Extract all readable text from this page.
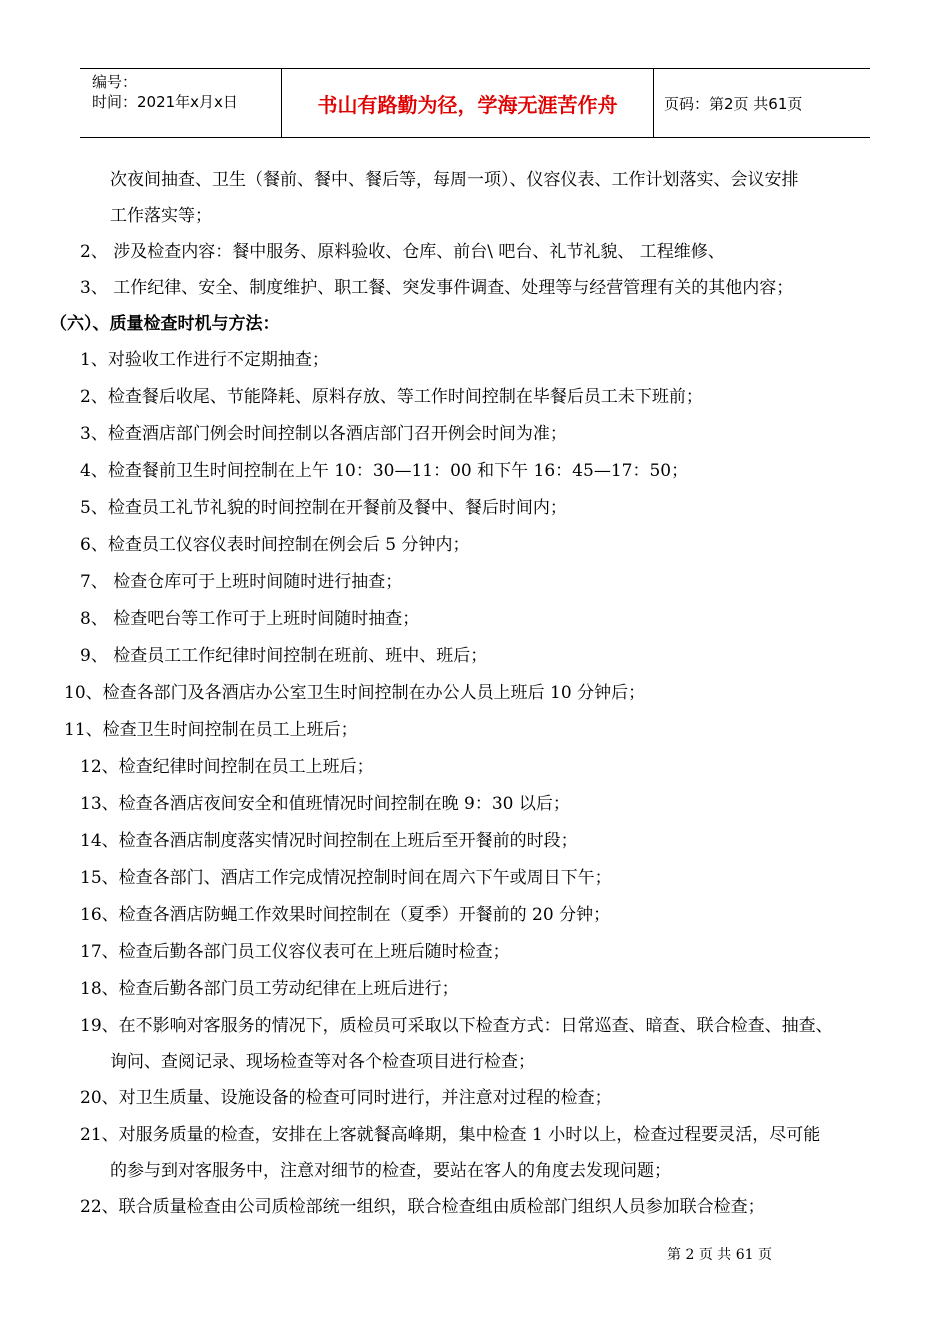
编号：
时间：2021年x月x日	书山有路勤为径，学海无涯苦作舟	页码：第2页 共61页
次夜间抽查、卫生（餐前、餐中、餐后等，每周一项）、仪容仪表、工作计划落实、会议安排
工作落实等；
2、 涉及检查内容：餐中服务、原料验收、仓库、前台\ 吧台、礼节礼貌、 工程维修、
3、 工作纪律、安全、制度维护、职工餐、突发事件调查、处理等与经营管理有关的其他内容；
（六）、质量检查时机与方法：
1、对验收工作进行不定期抽查；
2、检查餐后收尾、节能降耗、原料存放、等工作时间控制在毕餐后员工未下班前；
3、检查酒店部门例会时间控制以各酒店部门召开例会时间为准；
4、检查餐前卫生时间控制在上午 10：30—11：00 和下午 16：45—17：50；
5、检查员工礼节礼貌的时间控制在开餐前及餐中、餐后时间内；
6、检查员工仪容仪表时间控制在例会后 5 分钟内；
7、 检查仓库可于上班时间随时进行抽查；
8、 检查吧台等工作可于上班时间随时抽查；
9、 检查员工工作纪律时间控制在班前、班中、班后；
10、检查各部门及各酒店办公室卫生时间控制在办公人员上班后 10 分钟后；
11、检查卫生时间控制在员工上班后；
12、检查纪律时间控制在员工上班后；
13、检查各酒店夜间安全和值班情况时间控制在晚 9：30 以后；
14、检查各酒店制度落实情况时间控制在上班后至开餐前的时段；
15、检查各部门、酒店工作完成情况控制时间在周六下午或周日下午；
16、检查各酒店防蝇工作效果时间控制在（夏季）开餐前的 20 分钟；
17、检查后勤各部门员工仪容仪表可在上班后随时检查；
18、检查后勤各部门员工劳动纪律在上班后进行；
19、在不影响对客服务的情况下，质检员可采取以下检查方式：日常巡查、暗查、联合检查、抽查、
询问、查阅记录、现场检查等对各个检查项目进行检查；
20、对卫生质量、设施设备的检查可同时进行，并注意对过程的检查；
21、对服务质量的检查，安排在上客就餐高峰期，集中检查 1 小时以上，检查过程要灵活，尽可能
的参与到对客服务中，注意对细节的检查，要站在客人的角度去发现问题；
22、联合质量检查由公司质检部统一组织，联合检查组由质检部门组织人员参加联合检查；
第 2 页 共 61 页
